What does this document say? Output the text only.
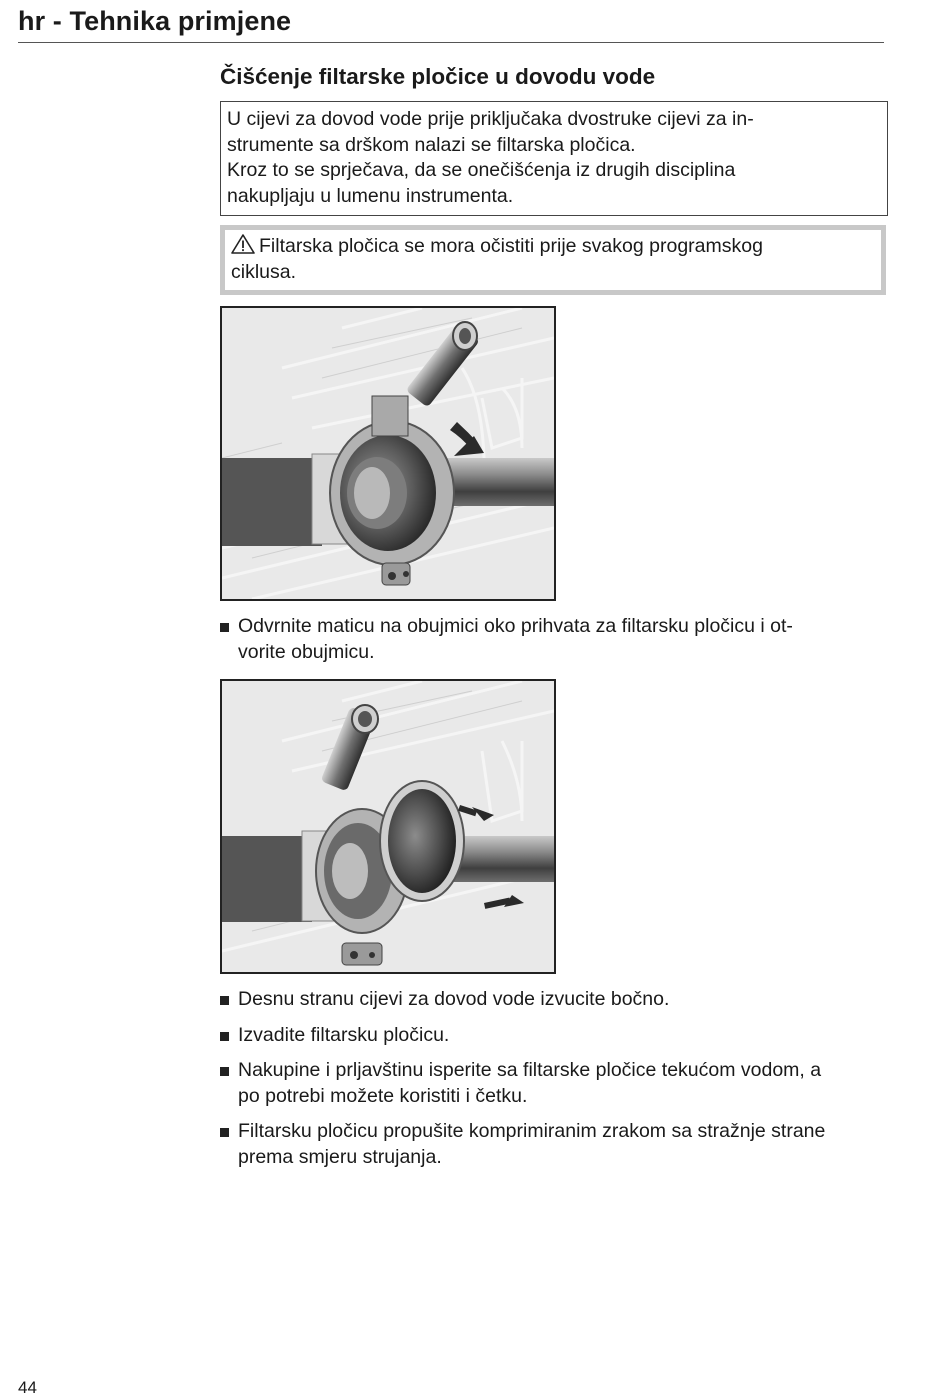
hr - Tehnika primjene
Čišćenje filtarske pločice u dovodu vode
U cijevi za dovod vode prije priključaka dvostruke cijevi za in-
strumente sa drškom nalazi se filtarska pločica.
Kroz to se sprječava, da se onečišćenja iz drugih disciplina
nakupljaju u lumenu instrumenta.
Filtarska pločica se mora očistiti prije svakog programskog
ciklusa.
Odvrnite maticu na obujmici oko prihvata za filtarsku pločicu i ot-
vorite obujmicu.
Desnu stranu cijevi za dovod vode izvucite bočno.
Izvadite filtarsku pločicu.
Nakupine i prljavštinu isperite sa filtarske pločice tekućom vodom, a
po potrebi možete koristiti i četku.
Filtarsku pločicu propušite komprimiranim zrakom sa stražnje strane
prema smjeru strujanja.
44
